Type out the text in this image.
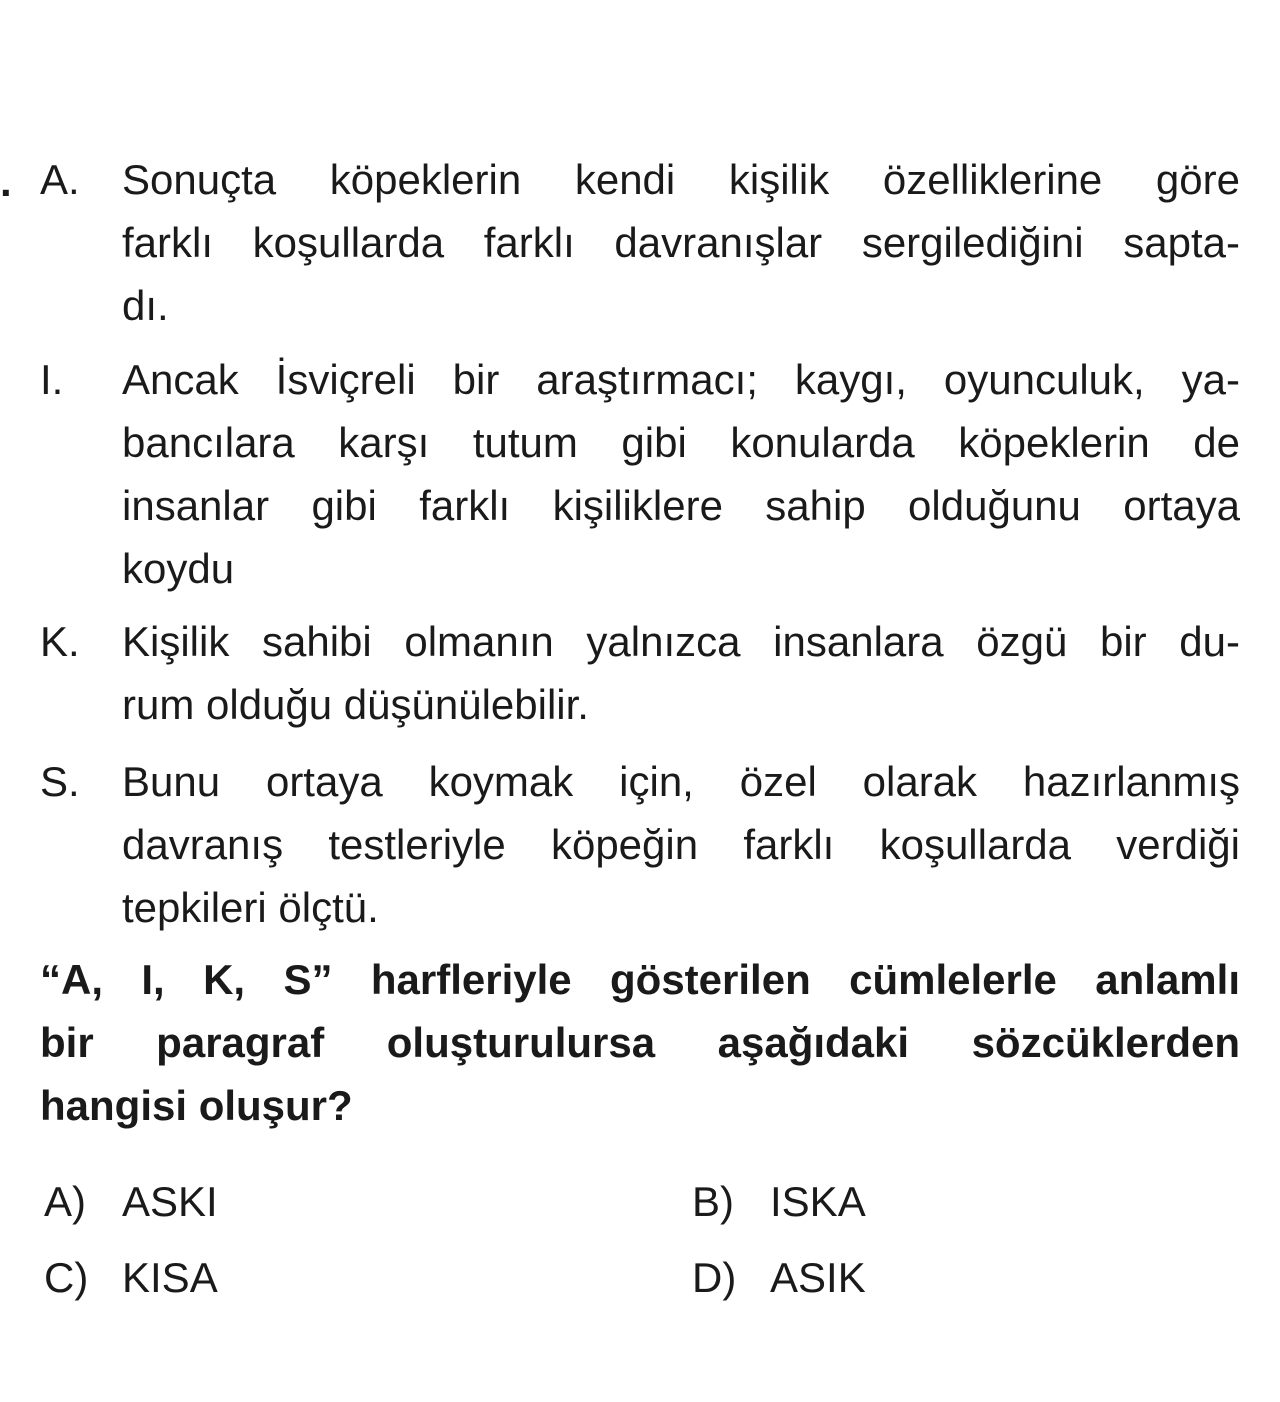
. A.	Sonuçta köpeklerin kendi kişilik özelliklerine göre
farklı koşullarda farklı davranışlar sergilediğini sapta-
dı.
I.	Ancak İsviçreli bir araştırmacı; kaygı, oyunculuk, ya-
bancılara karşı tutum gibi konularda köpeklerin de
insanlar gibi farklı kişiliklere sahip olduğunu ortaya
koydu
K.	Kişilik sahibi olmanın yalnızca insanlara özgü bir du-
rum olduğu düşünülebilir.
S.	Bunu ortaya koymak için, özel olarak hazırlanmış
davranış testleriyle köpeğin farklı koşullarda verdiği
tepkileri ölçtü.
“A, I, K, S” harfleriyle gösterilen cümlelerle anlamlı
bir paragraf oluşturulursa aşağıdaki sözcüklerden
hangisi oluşur?
A) ASKI	B) ISKA
C) KISA	D) ASIK
